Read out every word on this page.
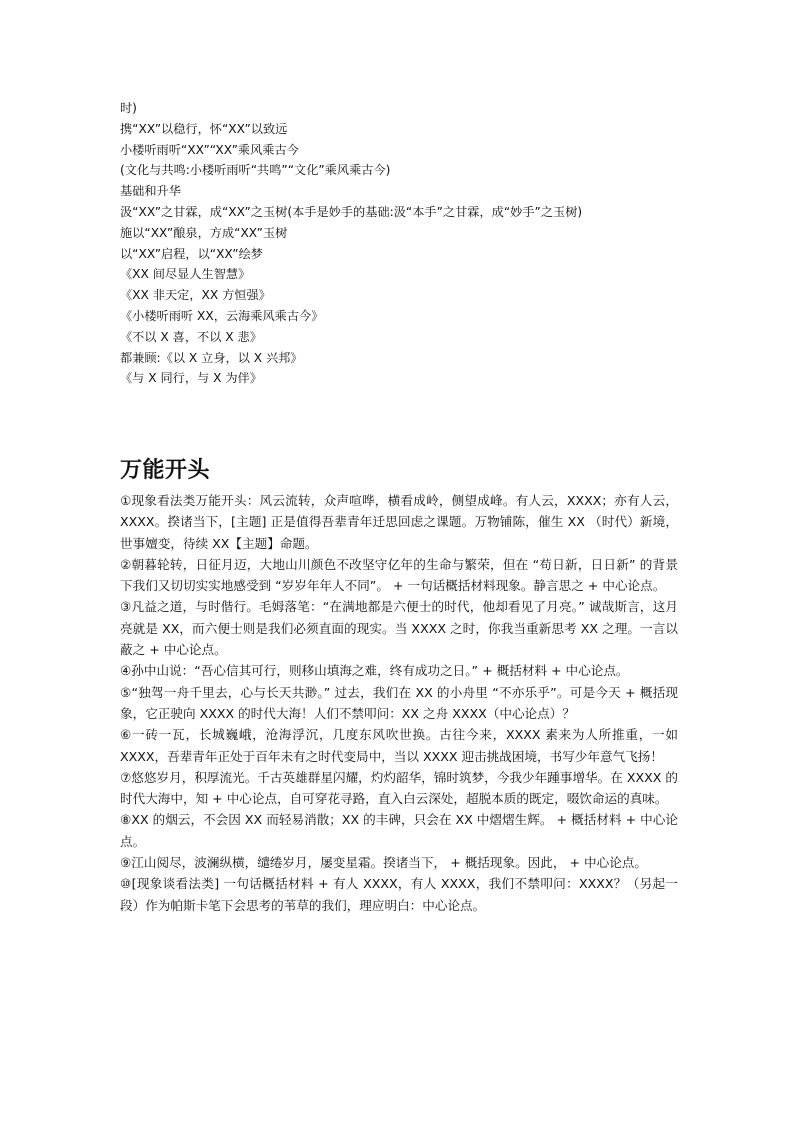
时)
携“XX”以稳行，怀“XX”以致远
小楼听雨听“XX”“XX”乘风乘古今
(文化与共鸣:小楼听雨听“共鸣”“文化”乘风乘古今)
基础和升华
汲“XX”之甘霖，成“XX”之玉树(本手是妙手的基础:汲“本手”之甘霖，成“妙手”之玉树)
施以“XX”酿泉，方成“XX”玉树
以“XX”启程，以“XX”绘梦
《XX 间尽显人生智慧》
《XX 非天定，XX 方恒强》
《小楼听雨听 XX，云海乘风乘古今》
《不以 X 喜，不以 X 悲》
都兼顾:《以 X 立身，以 X 兴邦》
《与 X 同行，与 X 为伴》
万能开头

①现象看法类万能开头：风云流转，众声喧哗，横看成岭，侧望成峰。有人云，XXXX；亦有人云，XXXX。揆诸当下，[主题] 正是值得吾辈青年迁思回虑之课题。万物铺陈，催生 XX （时代）新境，世事嬗变，待续 XX【主题】命题。

②朝暮轮转，日征月迈，大地山川颜色不改坚守亿年的生命与繁荣，但在 “苟日新，日日新” 的背景下我们又切切实实地感受到 “岁岁年年人不同”。 + 一句话概括材料现象。静言思之 + 中心论点。

③凡益之道，与时偕行。毛姆落笔：“在满地都是六便士的时代，他却看见了月亮。” 诚哉斯言，这月亮就是 XX，而六便士则是我们必须直面的现实。当 XXXX 之时，你我当重新思考 XX 之理。一言以蔽之 + 中心论点。

④孙中山说：“吾心信其可行，则移山填海之难，终有成功之日。” + 概括材料 + 中心论点。

⑤“独驾一舟千里去，心与长天共渺。” 过去，我们在 XX 的小舟里 “不亦乐乎”。可是今天 + 概括现象，它正驶向 XXXX 的时代大海！人们不禁叩问：XX 之舟 XXXX（中心论点）？

⑥一砖一瓦，长城巍峨，沧海浮沉，几度东风吹世换。古往今来，XXXX 素来为人所推重，一如 XXXX，吾辈青年正处于百年未有之时代变局中，当以 XXXX 迎击挑战困境，书写少年意气飞扬！

⑦悠悠岁月，积厚流光。千古英雄群星闪耀，灼灼韶华，锦时筑梦，今我少年踵事增华。在 XXXX 的时代大海中，知 + 中心论点，自可穿花寻路，直入白云深处，超脱本质的既定，啜饮命运的真味。

⑧XX 的烟云，不会因 XX 而轻易消散；XX 的丰碑，只会在 XX 中熠熠生辉。 + 概括材料 + 中心论点。

⑨江山阅尽，波澜纵横，缱绻岁月，屡变星霜。揆诸当下， + 概括现象。因此， + 中心论点。

⑩[现象谈看法类] 一句话概括材料 + 有人 XXXX，有人 XXXX，我们不禁叩问：XXXX？（另起一段）作为帕斯卡笔下会思考的苇草的我们，理应明白：中心论点。
